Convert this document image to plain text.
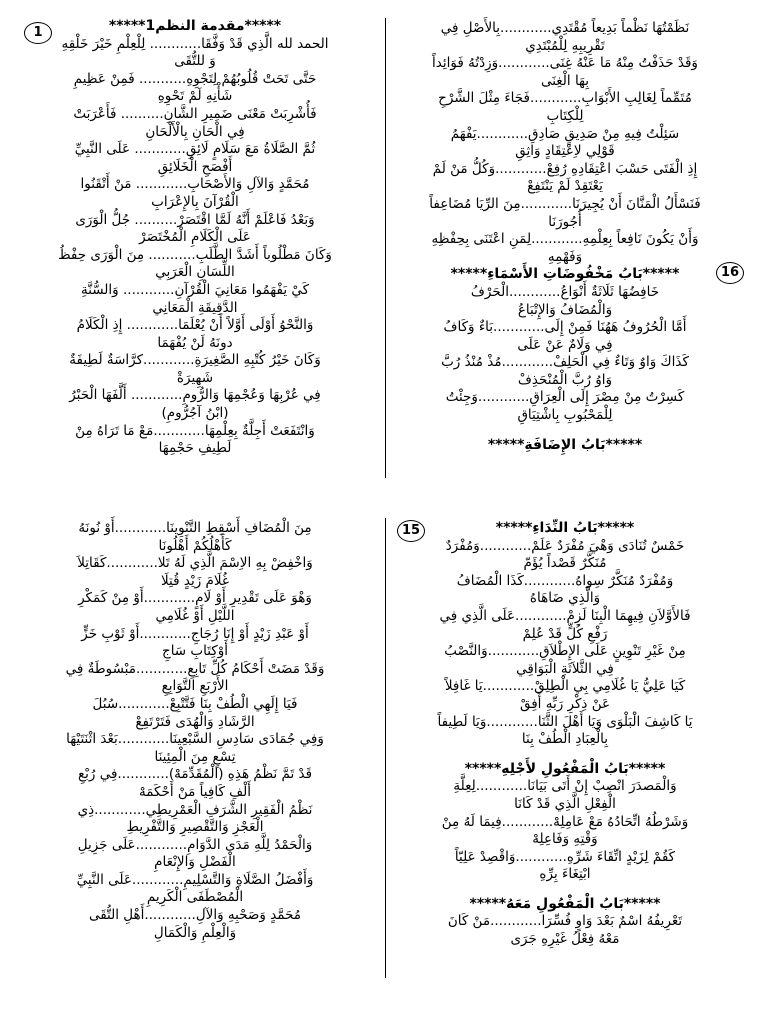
1
16
15
*****مقدمة النظم1*****
الحمد لله الَّذِي قَدْ وَفَّقَا............ لِلْعِلْمِ خَيْرَ خَلْقِهِ
وَ للتُّقَى
حَتَّى تَحَتْ قُلُوبُهُمْ لِتَجْوِهِ........... فَمِنْ عَظِيمِ
شَأْنِهِ لَمْ تَحْوِهِ
فَأُشْرِبَتْ مَعْنَى ضَمِيرِ الشَّانِ.......... فَأَعْرَبَتْ
فِي الْحَانِ بِالْأَلْحَانِ
ثُمَّ الصَّلَاةُ مَعَ سَلَامٍ لَائِقِ............ عَلَى النَّبِيِّ
أَفْصَحِ الْخَلَائِقِ
مُحَمَّدٍ وَالآلِ وَالأَصْحَابِ............ مَنْ أَتْقَنُوا
الْقُرْآنَ بِالإِعْرَابِ
وَبَعْدُ فَاعْلَمْ أَنَّهُ لَمَّا اقْتَصَرْ.......... جُلُّ الْوَرَى
عَلَى الْكَلَامِ الْمُخْتَصَرْ
وَكَانَ مَطْلُوباً أَشَدَّ الطَّلَبِ........... مِنَ الْوَرَى حِفْظُ
اللِّسَانِ الْعَرَبِي
كَيْ يَفْهَمُوا مَعَانِيَ الْقُرْآنِ............ وَالسُّنَّةِ
الدَّقِيقَةِ الْمَعَانِي
وَالنَّحْوُ أَوْلَى أَوَّلاً أَنْ يُعْلَمَا............ إِذِ الْكَلَامُ
دونَهُ لَنْ يُفْهَمَا
وَكَانَ خَيْرُ كُتْبِهِ الصَّغِيرَةِ............كرَّاسَةٌ لَطِيفَةٌ
شَهِيرَةْ
فِي عُرْبِهَا وَعُجْمِهَا وَالرُّومِ............ أَلَّفَهَا الْحَبْرُ
(ابْنُ آجُرُّومِ)
وَانْتَفَعَتْ أَجِلَّةٌ بِعِلْمِهَا............مَعْ مَا تَرَاهُ مِنْ
لَطِيفِ حَجْمِهَا
نَظَمْتُهَا نَظْماً بَدِيعاً مُقْتَدِي............بِالأَصْلِ فِي
تَقْرِيبِهِ لِلْمُبْتَدِي
وَقَدْ حَذَفْتُ مِنْهُ مَا عَنْهُ غِنَى............وَزِدْتُهُ فَوَائِداً
بِهَا الْغِنَى
مُتَمِّماً لِغَالِبِ الأَبْوَابِ............فَجَاءَ مِثْلَ الشَّرْحِ
لِلْكِتَابِ
سَئِلْتُ فِيهِ مِنْ صَدِيقٍ صَادِقِ............يَفْهَمُ
قَوْلِي لاِعْتِقَادٍ وَاثِقِ
إِذِ الْفَتَى حَسْبَ اعْتِقَادِهِ رُفِعْ............وَكُلُّ مَنْ لَمْ
يَعْتَقِدْ لَمْ يَنْتَفِعْ
فَنَسْأَلُ الْمَنَّانَ أَنْ يُجِيرَنَا............مِنَ الرِّيَا مُضَاعِفاً
أُجُورَنَا
وَأَنْ يَكُونَ نَافِعاً بِعِلْمِهِ............لِمَنِ اعْتَنَى بِحِفْظِهِ
وَفَهْمِهِ
*****بَابُ مَخْفُوضَاتِ الأَسْمَاءِ*****
خَافِضُهَا ثَلَاثَةٌ أَنْوَاعُ............الْحَرْفُ
وَالْمُضَافُ وَالإِتْبَاعُ
أَمَّا الْحُرُوفُ هَهُنَا فَمِنْ إِلَى............بَاءٌ وَكَافُ
فِي وَلَامٌ عَنْ عَلَى
كَذَاكَ وَاوٌ وَتَاءٌ فِي الْحَلِفْ............مُذْ مُنْذُ رُبَّ
وَاوُ رُبَّ الْمُنْحَذِفْ
كَسِرْتُ مِنْ مِصْرَ إِلَى الْعِرَاقِ............وَجِئْتُ
لِلْمَحْبُوبِ بِاشْتِيَاقِ
*****بَابُ الإِضَافَةِ*****
مِنَ الْمُضَافِ أَسْقِطِ التَّنْوِينَا............أَوْ نُونَهُ
كَأَهْلُكُمْ أَهْلُونَا
وَاخْفِضْ بِهِ الاِسْمَ الَّذِي لَهُ تَلا............كَقَاتِلاَ
غُلَامَ زَيْدٍ قُتِلَا
وَهْوَ عَلَى تَقْدِيرِ أَوْ لَامٍ............أَوْ مِنْ كَمَكْرِ
اللَّيْلِ أَوْ غُلَامِي
أَوْ عَبْدِ زَيْدٍ أَوْ إِنَا رُجَاجِ............أَوْ ثَوْبِ خَزٍّ
أَوْكِتَابِ سَاجِ
وَقَدْ مَضَتْ أَحْكَامُ كُلِّ تَابِعِ............مَبْسُوطَةٌ فِي
الأَرْبَعِ التَّوَابِعِ
فَيَا إِلَهِي الْطُفْ بِنَا فَتَّتْبِعْ............سُبُلَ
الرَّشَادِ وَالْهُدَى فَتَرْتَفِعْ
وَفِي جُمَادَى سَادِسِ السَّبْعِينَا............بَعْدَ اثْنَتَيْهَا
تِسْعٍ مِنَ الْمِئِينَا
قَدْ تَمَّ نَظْمُ هَذِهِ (الْمُقَدِّمَهْ)............فِي رُبْعِ
أَلْفِ كَافِياً مَنْ أَحْكَمَهْ
نَظْمُ الْفَقِيرِ الشَّرَفِ الْعَمْرِيطِي............ذِي
الْعَجْزِ وَالتَّقْصِيرِ وَالتَّفْرِيطِ
وَالْحَمْدُ لِلَّهِ مَدَى الدَّوَامِ............عَلَى جَزِيلِ
الْفَضْلِ وَالإِنْعَامِ
وَأَفْضَلُ الصَّلَاةِ وَالتَّسْلِيمِ............عَلَى النَّبِيِّ
الْمُصْطَفَى الْكَرِيمِ
مُحَمَّدٍ وَصَحْبِهِ وَالآلِ............أَهْلِ التُّقَى
وَالْعِلْمِ وَالْكَمَالِ
*****بَابُ النِّدَاءِ*****
خَمْسٌ تُنَادَى وَهْيَ مُفْرَدٌ عَلَمْ............وَمُفْرَدٌ
مُنَكَّرٌ قَصْداً يُؤَمّ
وَمُفْرَدٌ مُنَكَّرٌ سِواهُ............كَذَا الْمُضَافُ
وَالَّذِي ضَاهَاهُ
فَالأَوَّلاَنِ فِيهِمَا الْبِنَا لَزِمْ............عَلَى الَّذِي فِي
رَفْعِ كُلٍّ قَدْ عُلِمْ
مِنْ غَيْرِ تَنْوِينٍ عَلَى الإِطْلاَقِ............وَالنَّصْبُ
فِي الثَّلاَثَةِ الْبَوَاقِي
كَيَا عَلِيُّ يَا غُلَامِي بِي الْطِلِقْ............يَا غَافِلاً
عَنْ ذِكْرِ رَبِّهِ أَفِقْ
يَا كَاشِفَ الْبَلْوَى وَيَا أَهْلَ الثَّنَا............وَيَا لَطِيفاً
بِالْعِبَادِ الْطُفْ بِنَا
*****بَابُ الْمَفْعُولِ لأَجْلِهِ*****
وَالْمَصدَرَ انْصِبْ إِنْ أَتَى بَيَانَا............لِعِلَّةِ
الْفِعْلِ الَّذِي قَدْ كَانَا
وَشَرْطُهُ اتِّحَادُهُ مَعْ عَامِلِهْ............فِيمَا لَهُ مِنْ
وَقْتِهِ وَفَاعِلِهْ
كَقُمْ لِزَيْدٍ اتِّقَاءَ شَرِّهِ............وَاقْصِدْ عَلِيّاً
ابْتِغَاءَ بِرِّهِ
*****بَابُ الْمَفْعُولِ مَعَهُ*****
تَعْرِيفُهُ اسْمٌ بَعْدَ وَاوٍ فُسِّرَا............مَنْ كَانَ
مَعْهُ فِعْلُ غَيْرِهِ جَرَى
